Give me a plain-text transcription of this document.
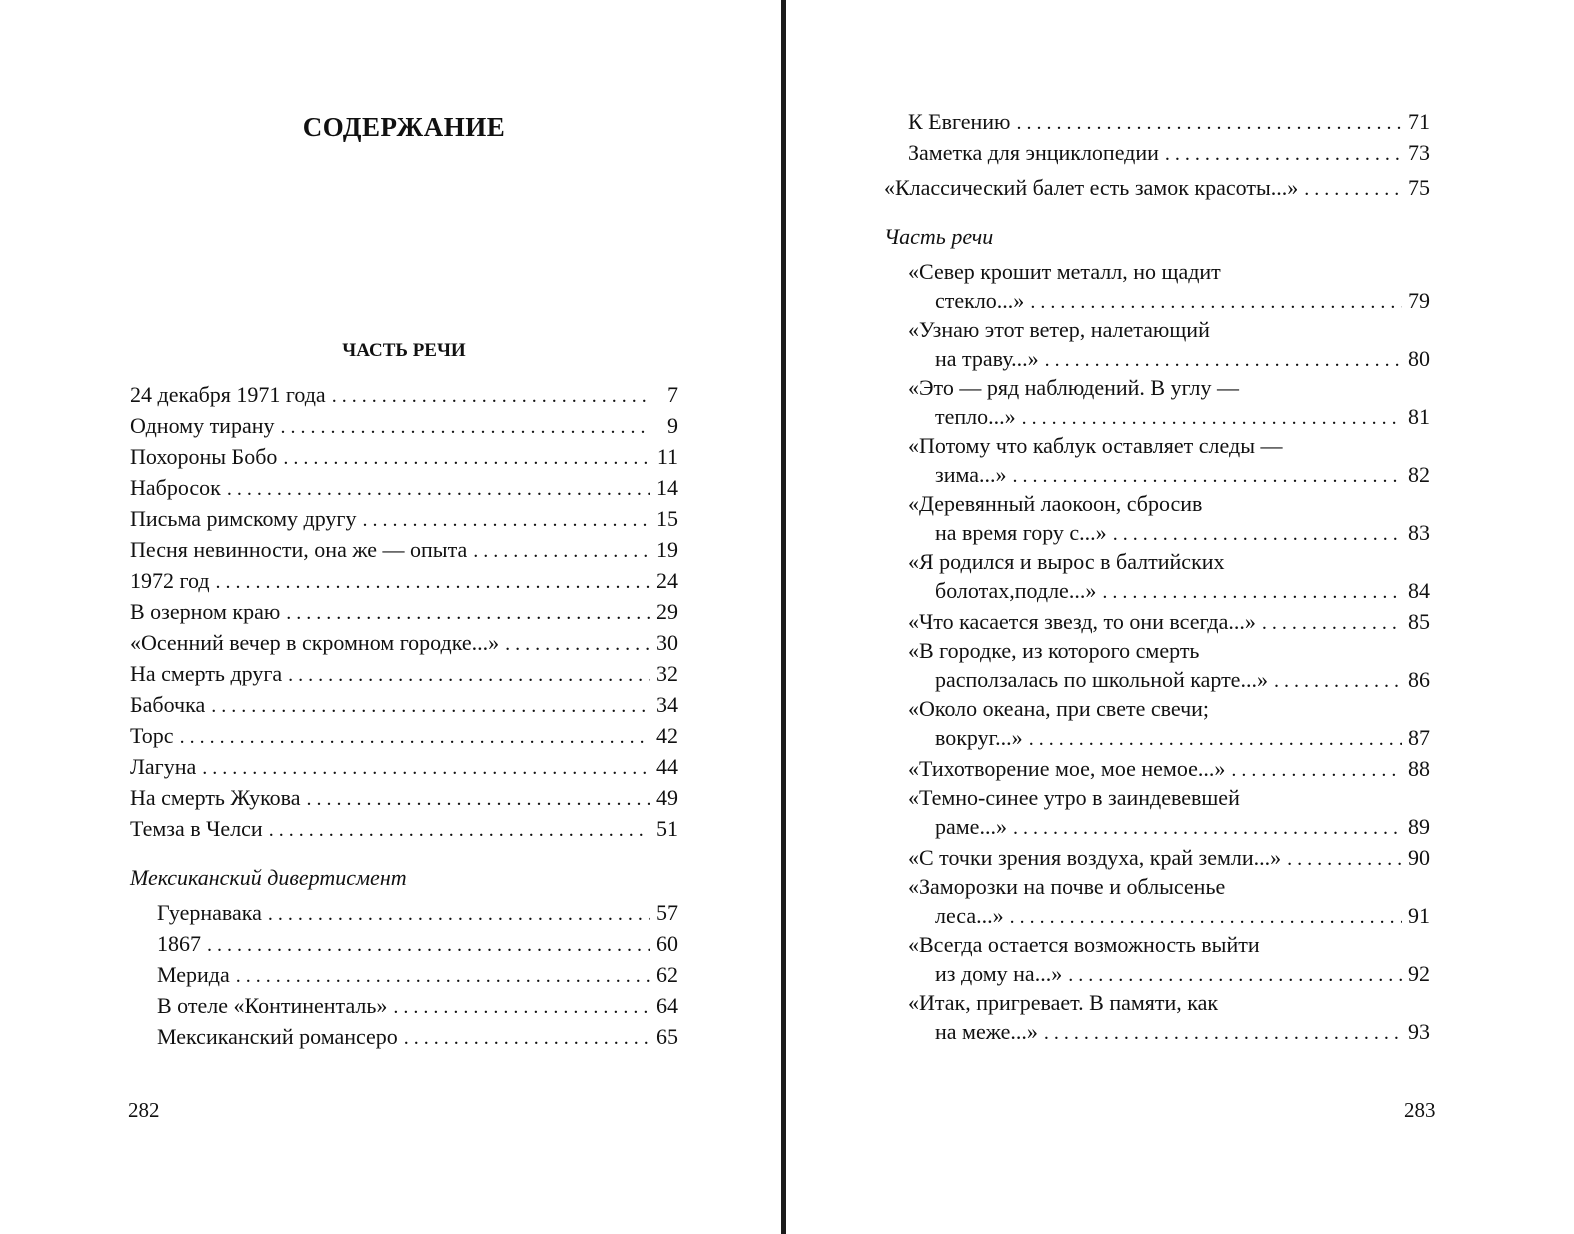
СОДЕРЖАНИЕ
ЧАСТЬ РЕЧИ
24 декабря 1971 года . . .	7
Одному тирану . . .	9
Похороны Бобо . . .	11
Набросок . . .	14
Письма римскому другу . . .	15
Песня невинности, она же — опыта . . .	19
1972 год . . .	24
В озерном краю . . .	29
«Осенний вечер в скромном городке...» . . .	30
На смерть друга . . .	32
Бабочка . . .	34
Торс . . .	42
Лагуна . . .	44
На смерть Жукова . . .	49
Темза в Челси . . .	51
Мексиканский дивертисмент
Гуернавака . . .	57
1867 . . .	60
Мерида . . .	62
В отеле «Континенталь» . . .	64
Мексиканский романсеро . . .	65
282
К Евгению . . .	71
Заметка для энциклопедии . . .	73
«Классический балет есть замок красоты...» . . .	75
Часть речи
«Север крошит металл, но щадит
стекло...» . . .	79
«Узнаю этот ветер, налетающий
на траву...» . . .	80
«Это — ряд наблюдений. В углу —
тепло...» . . .	81
«Потому что каблук оставляет следы —
зима...» . . .	82
«Деревянный лаокоон, сбросив
на время гору с...» . . .	83
«Я родился и вырос в балтийских
болотах,подле...» . . .	84
«Что касается звезд, то они всегда...» . . .	85
«В городке, из которого смерть
расползалась по школьной карте...» . . .	86
«Около океана, при свете свечи;
вокруг...» . . .	87
«Тихотворение мое, мое немое...» . . .	88
«Темно-синее утро в заиндевевшей
раме...» . . .	89
«С точки зрения воздуха, край земли...» . . .	90
«Заморозки на почве и облысенье
леса...» . . .	91
«Всегда остается возможность выйти
из дому на...» . . .	92
«Итак, пригревает. В памяти, как
на меже...» . . .	93
283
